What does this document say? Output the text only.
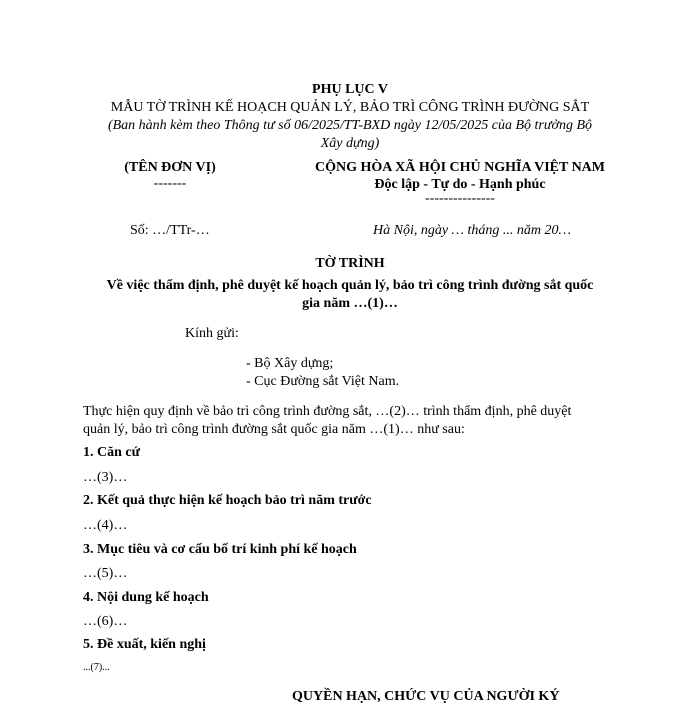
PHỤ LỤC V
MẪU TỜ TRÌNH KẾ HOẠCH QUẢN LÝ, BẢO TRÌ CÔNG TRÌNH ĐƯỜNG SẮT
(Ban hành kèm theo Thông tư số 06/2025/TT-BXD ngày 12/05/2025 của Bộ trưởng Bộ
Xây dựng)
(TÊN ĐƠN VỊ)
-------
CỘNG HÒA XÃ HỘI CHỦ NGHĨA VIỆT NAM
Độc lập - Tự do - Hạnh phúc
---------------
Số: …/TTr-…	Hà Nội, ngày … tháng ... năm 20…
TỜ TRÌNH
Về việc thẩm định, phê duyệt kế hoạch quản lý, bảo trì công trình đường sắt quốc
gia năm …(1)…
Kính gửi:
- Bộ Xây dựng;
- Cục Đường sắt Việt Nam.
Thực hiện quy định về bảo trì công trình đường sắt, …(2)… trình thẩm định, phê duyệt
quản lý, bảo trì công trình đường sắt quốc gia năm …(1)… như sau:
1. Căn cứ
…(3)…
2. Kết quả thực hiện kế hoạch bảo trì năm trước
…(4)…
3. Mục tiêu và cơ cấu bố trí kinh phí kế hoạch
…(5)…
4. Nội dung kế hoạch
…(6)…
5. Đề xuất, kiến nghị
...(7)...
QUYỀN HẠN, CHỨC VỤ CỦA NGƯỜI KÝ
